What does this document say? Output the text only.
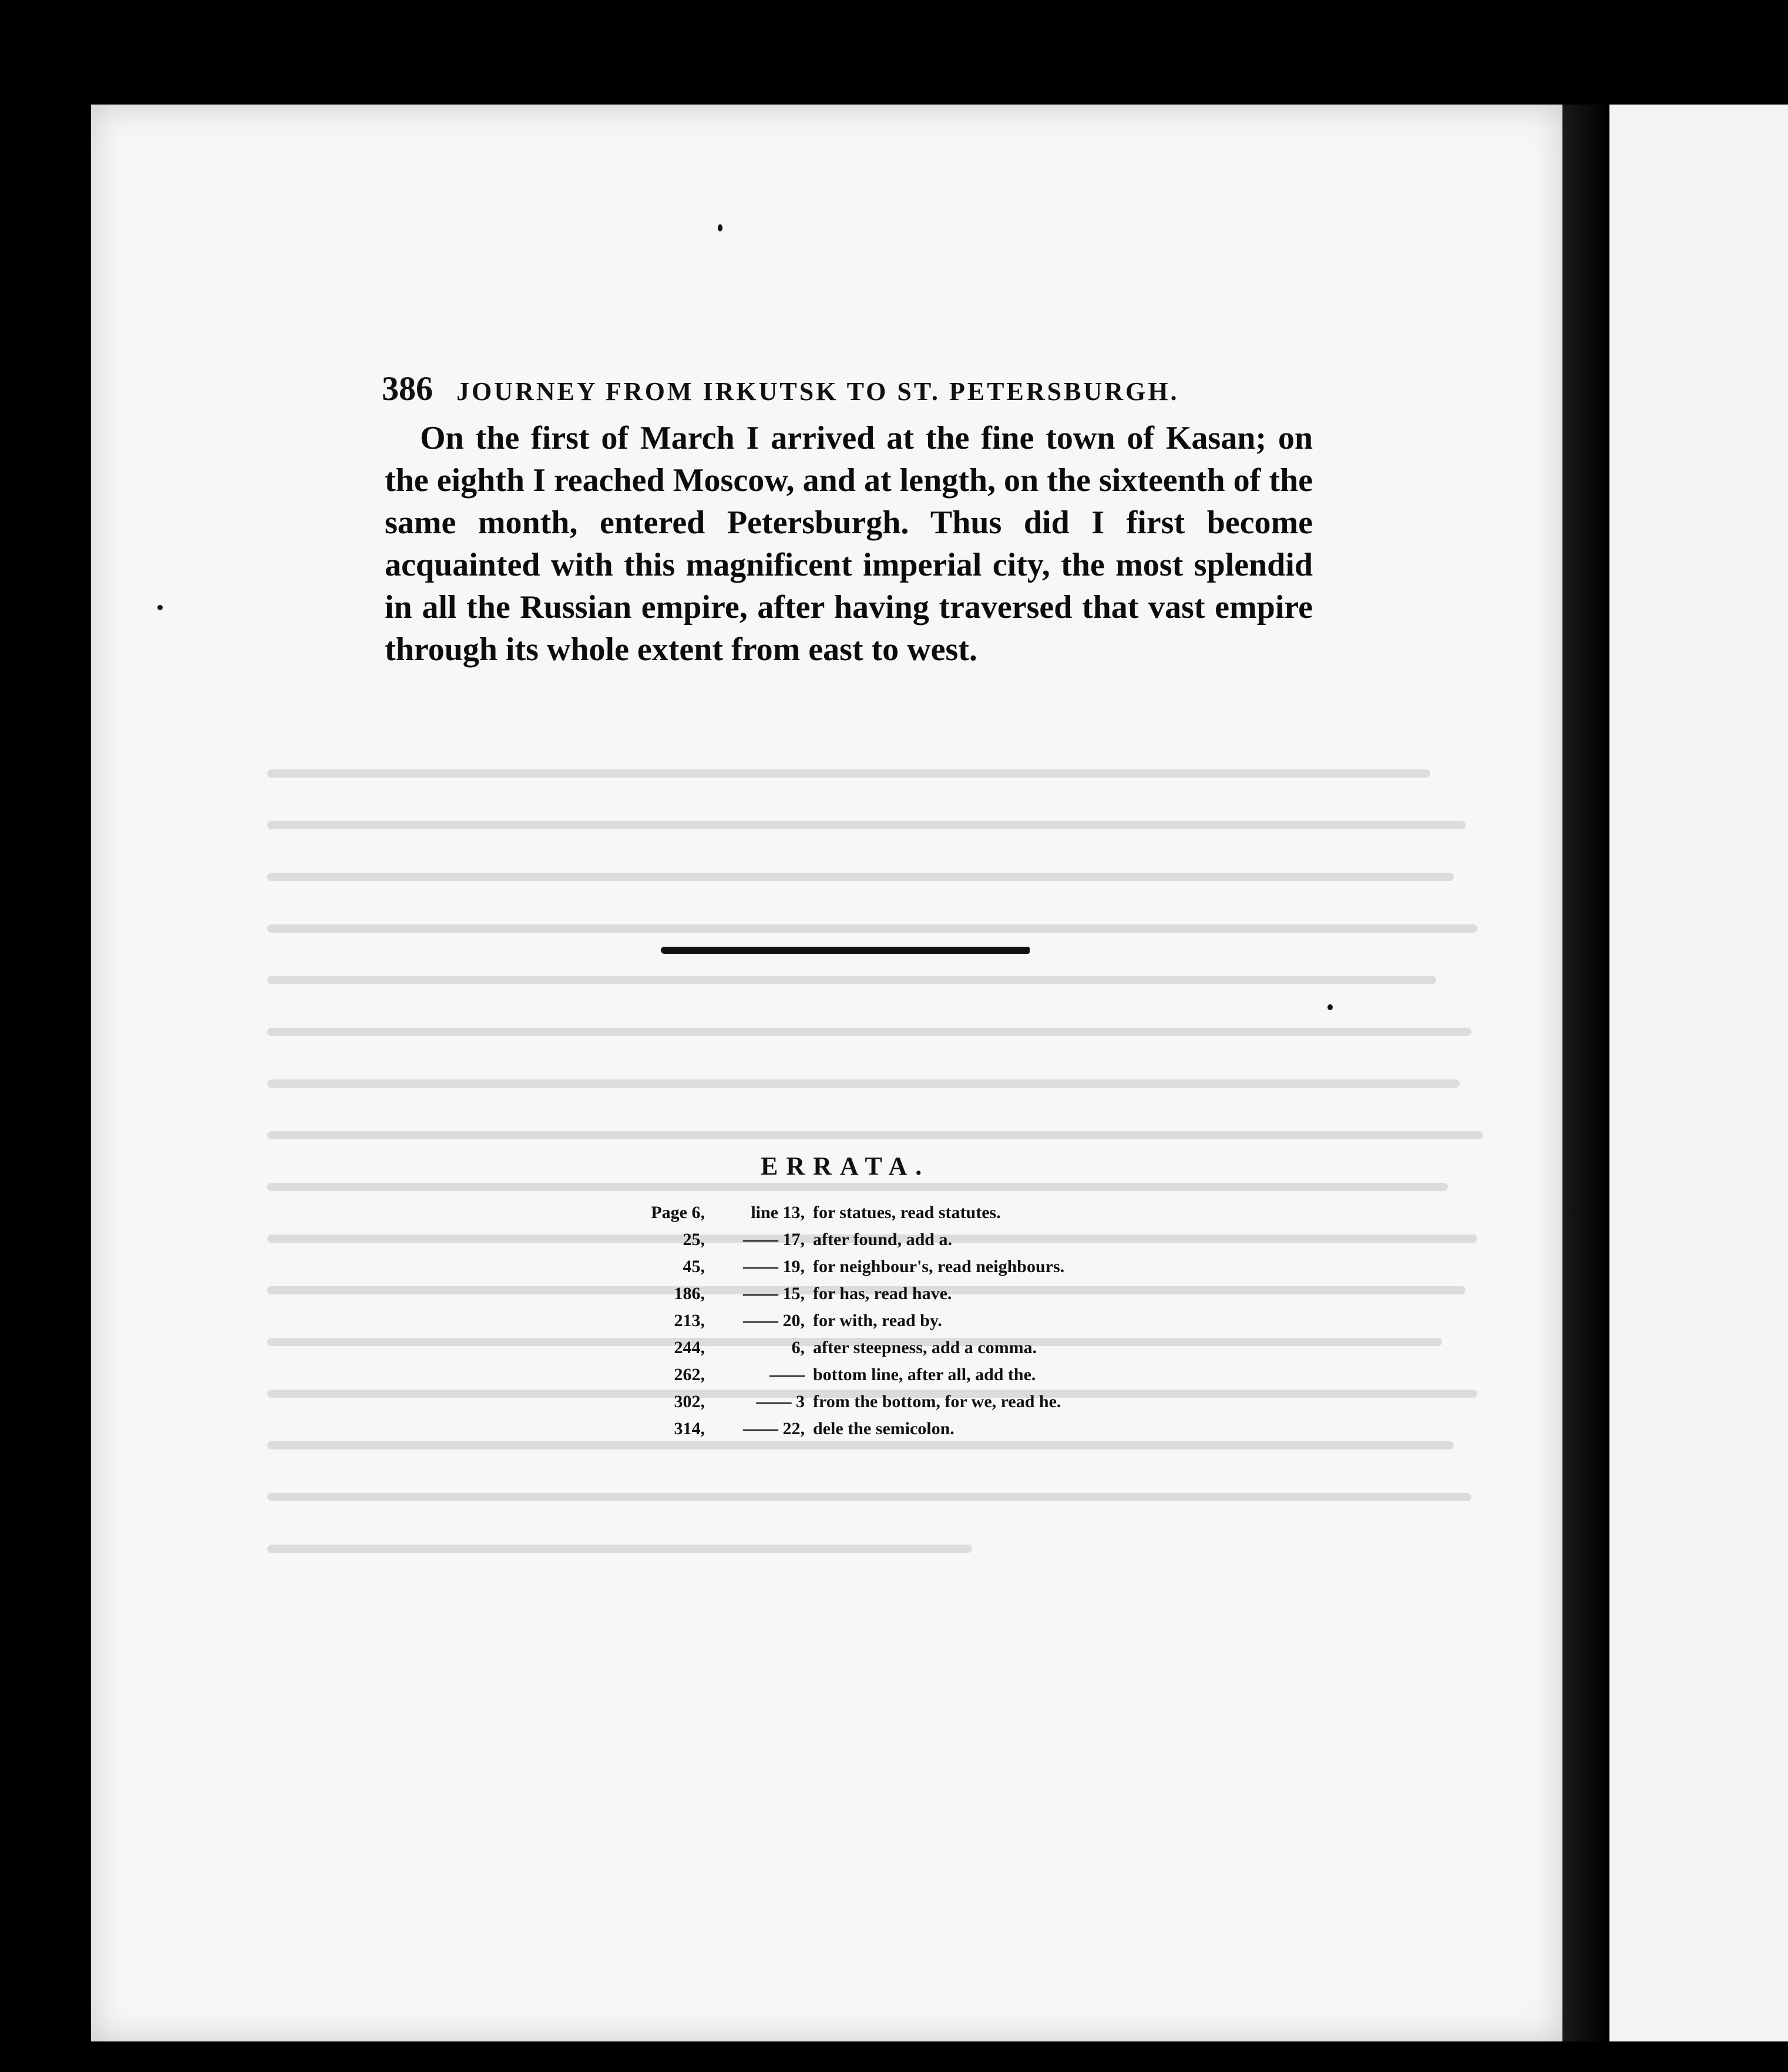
386 JOURNEY FROM IRKUTSK TO ST. PETERSBURGH.

On the first of March I arrived at the fine town of Kasan; on the eighth I reached Moscow, and at length, on the sixteenth of the same month, entered Petersburgh. Thus did I first become acquainted with this magnificent imperial city, the most splendid in all the Russian empire, after having traversed that vast empire through its whole extent from east to west.

ERRATA.
Page 6,	line 13, for statues, read statutes.
25,	—— 17, after found, add a.
45,	—— 19, for neighbour's, read neighbours.
186,	—— 15, for has, read have.
213,	—— 20, for with, read by.
244,	6, after steepness, add a comma.
262,	—— bottom line, after all, add the.
302,	—— 3 from the bottom, for we, read he.
314,	—— 22, dele the semicolon.
